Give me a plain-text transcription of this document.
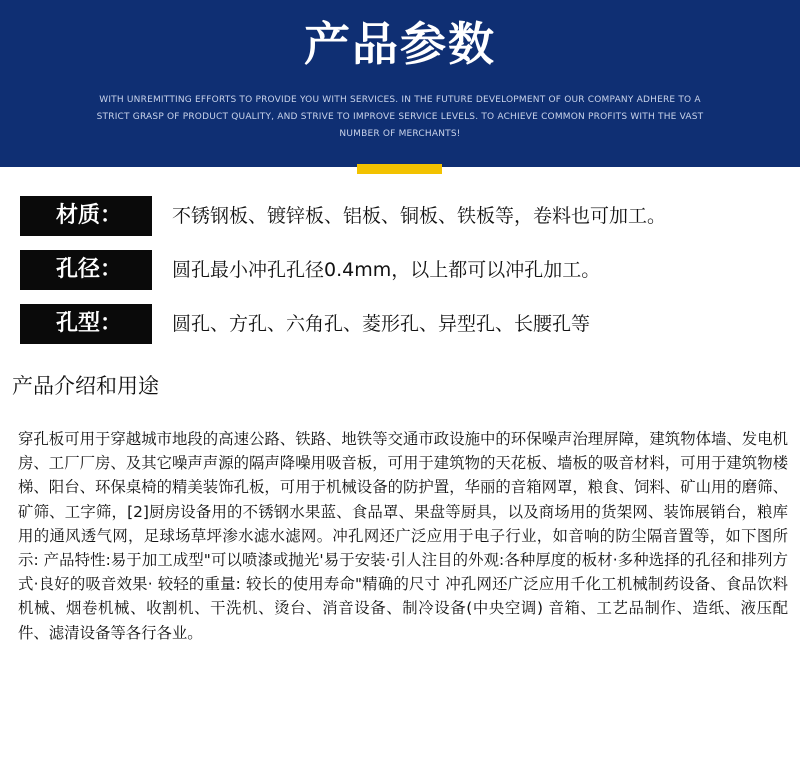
产品参数
WITH UNREMITTING EFFORTS TO PROVIDE YOU WITH SERVICES. IN THE FUTURE DEVELOPMENT OF OUR COMPANY ADHERE TO A STRICT GRASP OF PRODUCT QUALITY, AND STRIVE TO IMPROVE SERVICE LEVELS. TO ACHIEVE COMMON PROFITS WITH THE VAST NUMBER OF MERCHANTS!
材质：	不锈钢板、镀锌板、铝板、铜板、铁板等，卷料也可加工。
孔径：	圆孔最小冲孔孔径0.4mm，以上都可以冲孔加工。
孔型：	圆孔、方孔、六角孔、菱形孔、异型孔、长腰孔等
产品介绍和用途
穿孔板可用于穿越城市地段的高速公路、铁路、地铁等交通市政设施中的环保噪声治理屏障，建筑物体墙、发电机房、工厂厂房、及其它噪声声源的隔声降噪用吸音板，可用于建筑物的天花板、墙板的吸音材料，可用于建筑物楼梯、阳台、环保桌椅的精美装饰孔板，可用于机械设备的防护置，华丽的音箱网罩，粮食、饲料、矿山用的磨筛、矿筛、工字筛，[2]厨房设备用的不锈钢水果蓝、食品罩、果盘等厨具，以及商场用的货架网、装饰展销台，粮库用的通风透气网，足球场草坪渗水滤水滤网。冲孔网还广泛应用于电子行业，如音响的防尘隔音置等，如下图所示: 产品特性:易于加工成型"可以喷漆或抛光'易于安装·引人注目的外观:各种厚度的板材·多种选择的孔径和排列方式·良好的吸音效果· 较轻的重量: 较长的使用寿命"精确的尺寸 冲孔网还广泛应用千化工机械制药设备、食品饮料机械、烟卷机械、收割机、干洗机、烫台、消音设备、制冷设备(中央空调) 音箱、工艺品制作、造纸、液压配件、滤清设备等各行各业。
